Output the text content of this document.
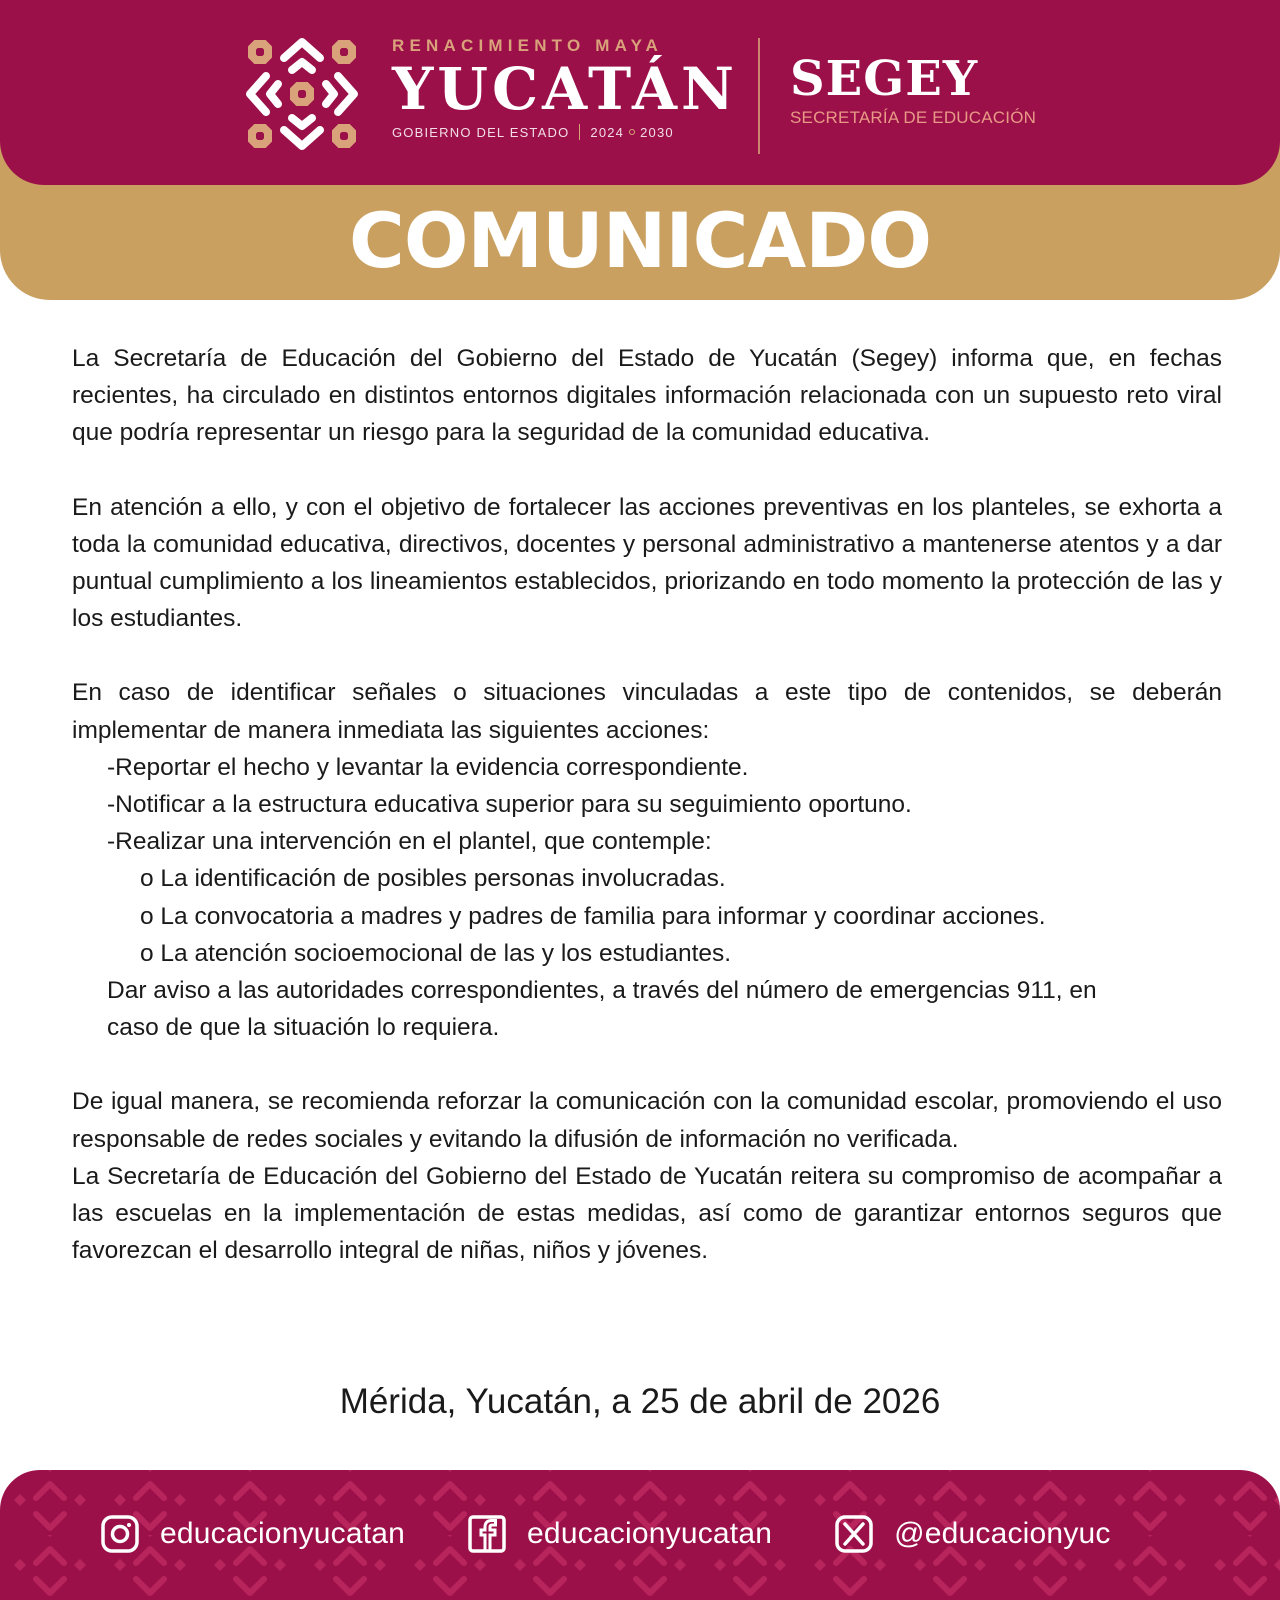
RENACIMIENTO MAYA
YUCATÁN
GOBIERNO DEL ESTADO 2024 2030
SEGEY
SECRETARÍA DE EDUCACIÓN
COMUNICADO

La Secretaría de Educación del Gobierno del Estado de Yucatán (Segey) informa que, en fechas recientes, ha circulado en distintos entornos digitales información relacionada con un supuesto reto viral que podría representar un riesgo para la seguridad de la comunidad educativa.

En atención a ello, y con el objetivo de fortalecer las acciones preventivas en los planteles, se exhorta a toda la comunidad educativa, directivos, docentes y personal administrativo a mantenerse atentos y a dar puntual cumplimiento a los lineamientos establecidos, priorizando en todo momento la protección de las y los estudiantes.

En caso de identificar señales o situaciones vinculadas a este tipo de contenidos, se deberán implementar de manera inmediata las siguientes acciones:

-Reportar el hecho y levantar la evidencia correspondiente.

-Notificar a la estructura educativa superior para su seguimiento oportuno.

-Realizar una intervención en el plantel, que contemple:

o La identificación de posibles personas involucradas.

o La convocatoria a madres y padres de familia para informar y coordinar acciones.

o La atención socioemocional de las y los estudiantes.

Dar aviso a las autoridades correspondientes, a través del número de emergencias 911, en caso de que la situación lo requiera.

De igual manera, se recomienda reforzar la comunicación con la comunidad escolar, promoviendo el uso responsable de redes sociales y evitando la difusión de información no verificada.

La Secretaría de Educación del Gobierno del Estado de Yucatán reitera su compromiso de acompañar a las escuelas en la implementación de estas medidas, así como de garantizar entornos seguros que favorezcan el desarrollo integral de niñas, niños y jóvenes.

Mérida, Yucatán, a 25 de abril de 2026
educacionyucatan	educacionyucatan	@educacionyuc
